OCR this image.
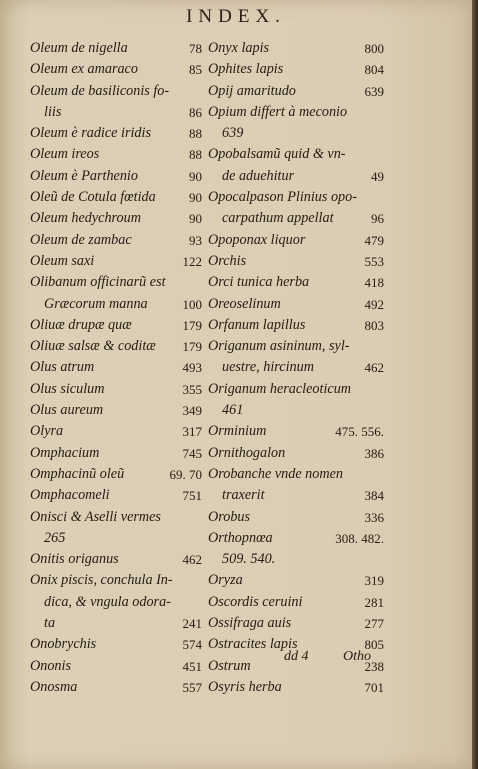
INDEX.
Oleum de nigella	78
Oleum ex amaraco	85
Oleum de basiliconis fo-
liis	86
Oleum è radice iridis	88
Oleum ireos	88
Oleum è Parthenio	90
Oleũ de Cotula fœtida	90
Oleum hedychroum	90
Oleum de zambac	93
Oleum saxi	122
Olibanum officinarũ est
Græcorum manna	100
Oliuæ drupæ quæ	179
Oliuæ salsæ & coditæ 179
Olus atrum	493
Olus siculum	355
Olus aureum	349
Olyra	317
Omphacium	745
Omphacinũ oleũ	69. 70
Omphacomeli	751
Onisci & Aselli vermes
265
Onitis origanus	462
Onix piscis, conchula In-
dica, & vngula odora-
ta	241
Onobrychis	574
Ononis	451
Onosma	557
Onyx lapis	800
Ophites lapis	804
Opij amaritudo	639
Opium differt à meconio
639
Opobalsamũ quid & vn-
de aduehitur	49
Opocalpason Plinius opo-
carpathum appellat	96
Opoponax liquor	479
Orchis	553
Orci tunica herba	418
Oreoselinum	492
Orfanum lapillus	803
Origanum asininum, syl-
uestre, hircinum	462
Origanum heracleoticum
461
Orminium	475. 556.
Ornithogalon	386
Orobanche vnde nomen
traxerit	384
Orobus	336
Orthopnœa	308. 482.
509. 540.
Oryza	319
Oscordis ceruini	281
Ossifraga auis	277
Ostracites lapis	805
Ostrum	238
Osyris herba	701
dd 4 Otho
